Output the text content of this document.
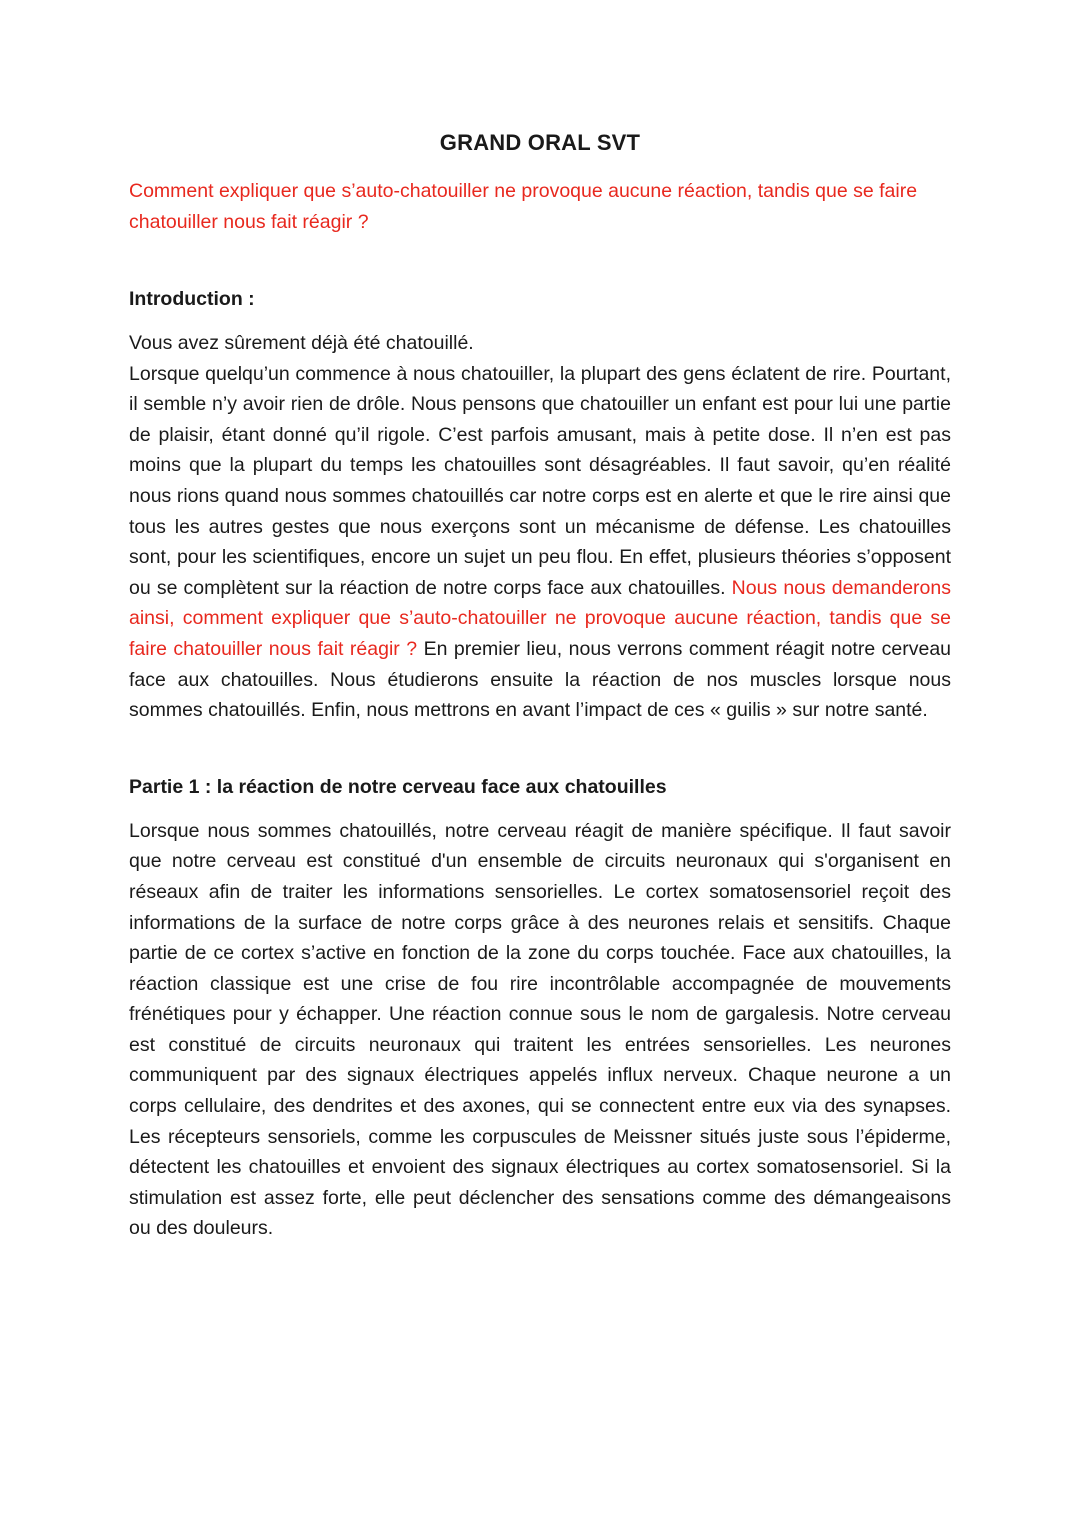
GRAND ORAL SVT

Comment expliquer que s’auto-chatouiller ne provoque aucune réaction, tandis que se faire chatouiller nous fait réagir ?

Introduction :

Vous avez sûrement déjà été chatouillé.
Lorsque quelqu’un commence à nous chatouiller, la plupart des gens éclatent de rire. Pourtant, il semble n’y avoir rien de drôle. Nous pensons que chatouiller un enfant est pour lui une partie de plaisir, étant donné qu’il rigole. C’est parfois amusant, mais à petite dose. Il n’en est pas moins que la plupart du temps les chatouilles sont désagréables. Il faut savoir, qu’en réalité nous rions quand nous sommes chatouillés car notre corps est en alerte et que le rire ainsi que tous les autres gestes que nous exerçons sont un mécanisme de défense. Les chatouilles sont, pour les scientifiques, encore un sujet un peu flou. En effet, plusieurs théories s’opposent ou se complètent sur la réaction de notre corps face aux chatouilles. Nous nous demanderons ainsi, comment expliquer que s’auto-chatouiller ne provoque aucune réaction, tandis que se faire chatouiller nous fait réagir ? En premier lieu, nous verrons comment réagit notre cerveau face aux chatouilles. Nous étudierons ensuite la réaction de nos muscles lorsque nous sommes chatouillés. Enfin, nous mettrons en avant l’impact de ces « guilis » sur notre santé.

Partie 1 : la réaction de notre cerveau face aux chatouilles

Lorsque nous sommes chatouillés, notre cerveau réagit de manière spécifique. Il faut savoir que notre cerveau est constitué d'un ensemble de circuits neuronaux qui s'organisent en réseaux afin de traiter les informations sensorielles. Le cortex somatosensoriel reçoit des informations de la surface de notre corps grâce à des neurones relais et sensitifs. Chaque partie de ce cortex s’active en fonction de la zone du corps touchée. Face aux chatouilles, la réaction classique est une crise de fou rire incontrôlable accompagnée de mouvements frénétiques pour y échapper. Une réaction connue sous le nom de gargalesis. Notre cerveau est constitué de circuits neuronaux qui traitent les entrées sensorielles. Les neurones communiquent par des signaux électriques appelés influx nerveux. Chaque neurone a un corps cellulaire, des dendrites et des axones, qui se connectent entre eux via des synapses. Les récepteurs sensoriels, comme les corpuscules de Meissner situés juste sous l’épiderme, détectent les chatouilles et envoient des signaux électriques au cortex somatosensoriel. Si la stimulation est assez forte, elle peut déclencher des sensations comme des démangeaisons ou des douleurs.
